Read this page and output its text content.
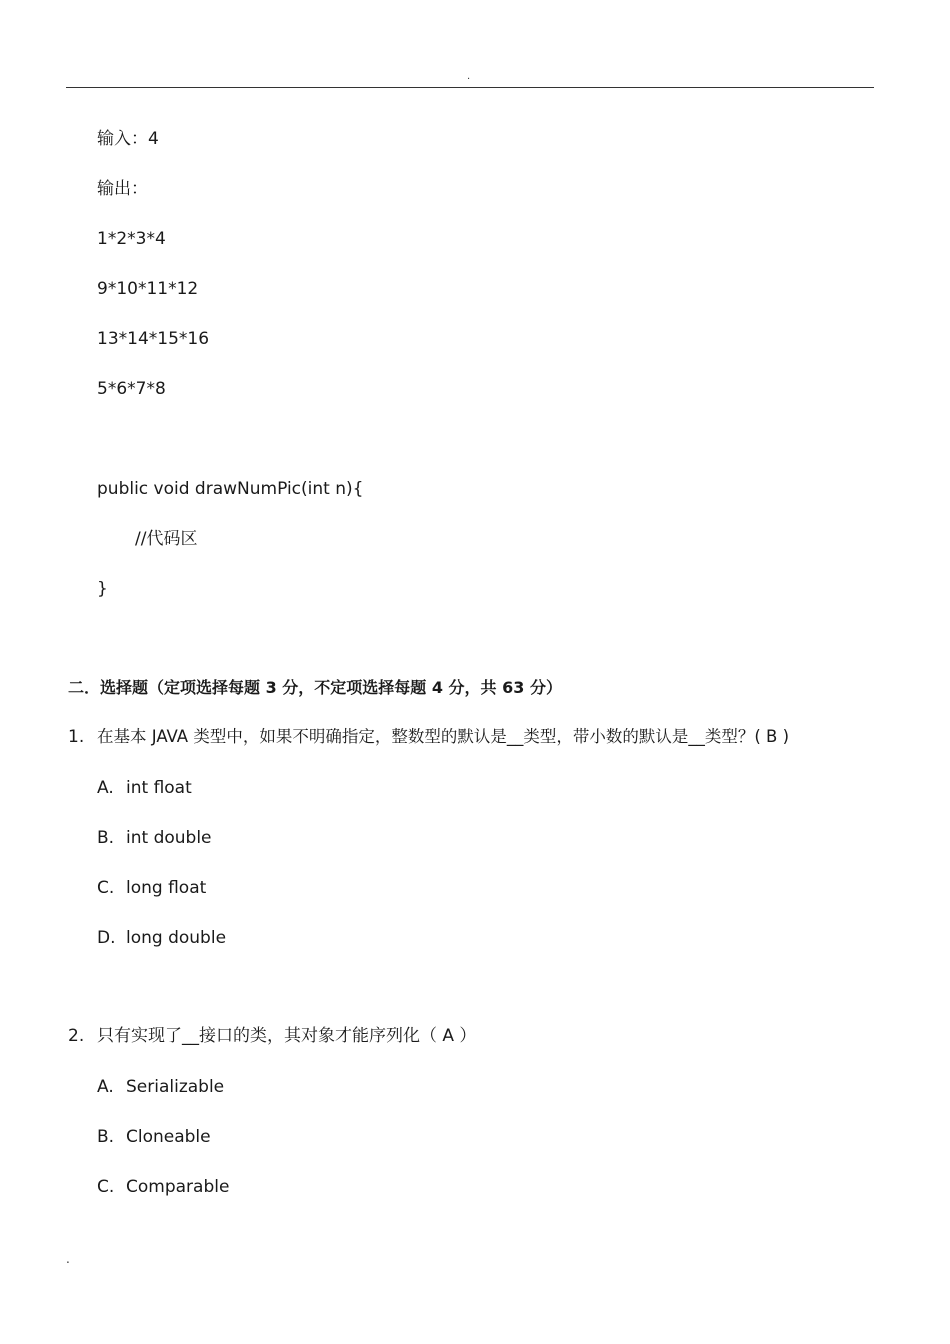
.
输入：4
输出：
1*2*3*4
9*10*11*12
13*14*15*16
5*6*7*8
public void drawNumPic(int n){
//代码区
}
二．选择题（定项选择每题 3 分，不定项选择每题 4 分，共 63 分）
1. 在基本 JAVA 类型中，如果不明确指定，整数型的默认是__类型，带小数的默认是__类型？( B )
A. int float
B. int double
C. long float
D. long double
2. 只有实现了__接口的类，其对象才能序列化（ A ）
A. Serializable
B. Cloneable
C. Comparable
.
